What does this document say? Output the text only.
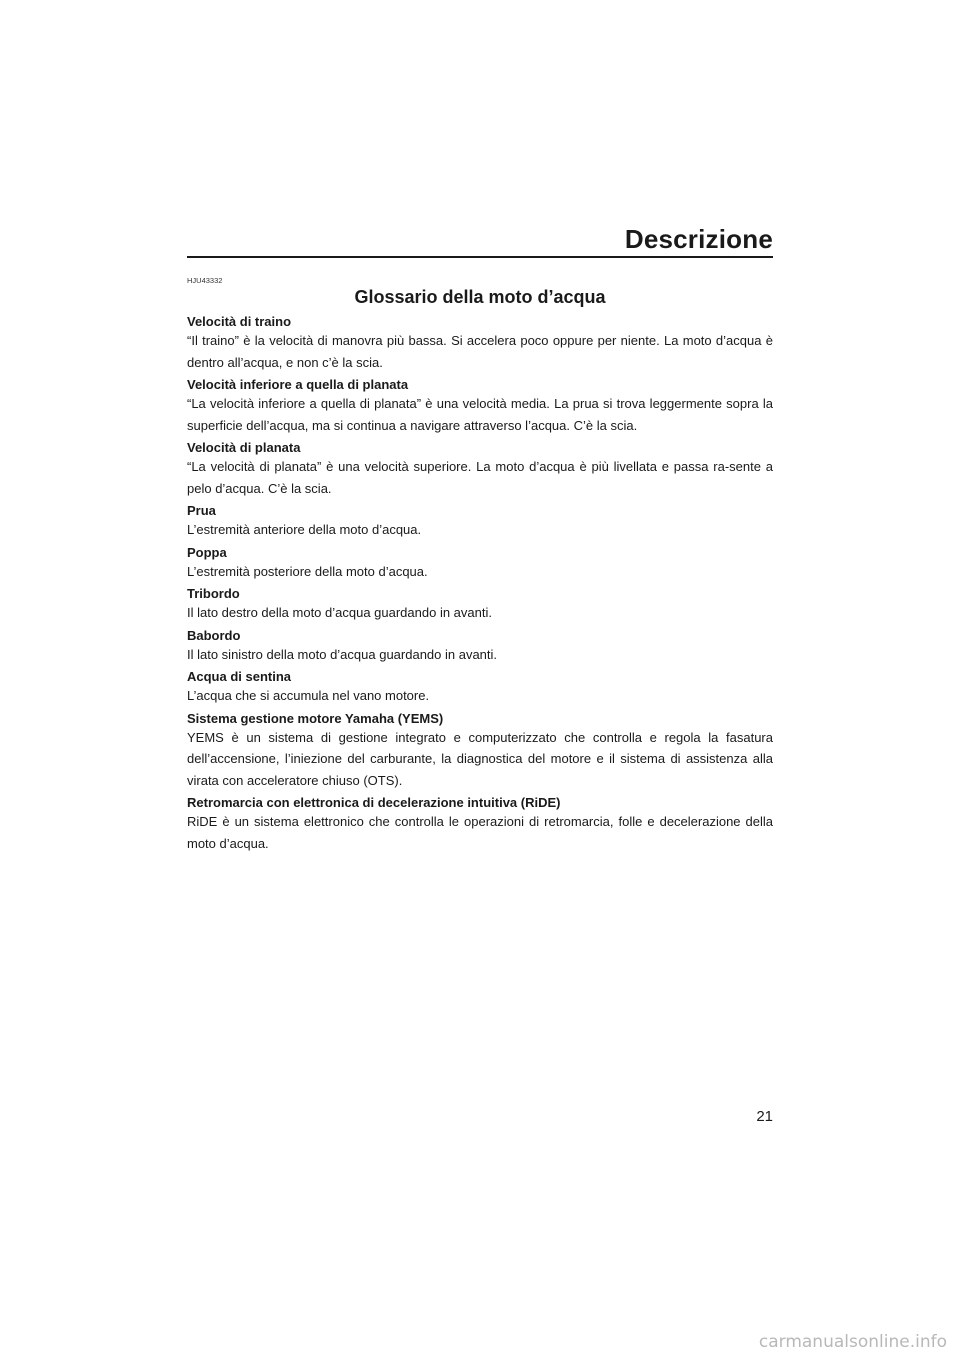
Descrizione

HJU43332

Glossario della moto d’acqua

Velocità di traino

“Il traino” è la velocità di manovra più bassa. Si accelera poco oppure per niente. La moto d’acqua è dentro all’acqua, e non c’è la scia.

Velocità inferiore a quella di planata

“La velocità inferiore a quella di planata” è una velocità media. La prua si trova leggermente sopra la superficie dell’acqua, ma si continua a navigare attraverso l’acqua. C’è la scia.

Velocità di planata

“La velocità di planata” è una velocità superiore. La moto d’acqua è più livellata e passa ra-sente a pelo d’acqua. C’è la scia.

Prua

L’estremità anteriore della moto d’acqua.

Poppa

L’estremità posteriore della moto d’acqua.

Tribordo

Il lato destro della moto d’acqua guardando in avanti.

Babordo

Il lato sinistro della moto d’acqua guardando in avanti.

Acqua di sentina

L’acqua che si accumula nel vano motore.

Sistema gestione motore Yamaha (YEMS)

YEMS è un sistema di gestione integrato e computerizzato che controlla e regola la fasatura dell’accensione, l’iniezione del carburante, la diagnostica del motore e il sistema di assistenza alla virata con acceleratore chiuso (OTS).

Retromarcia con elettronica di decelerazione intuitiva (RiDE)

RiDE è un sistema elettronico che controlla le operazioni di retromarcia, folle e decelerazione della moto d’acqua.

21

carmanualsonline.info
